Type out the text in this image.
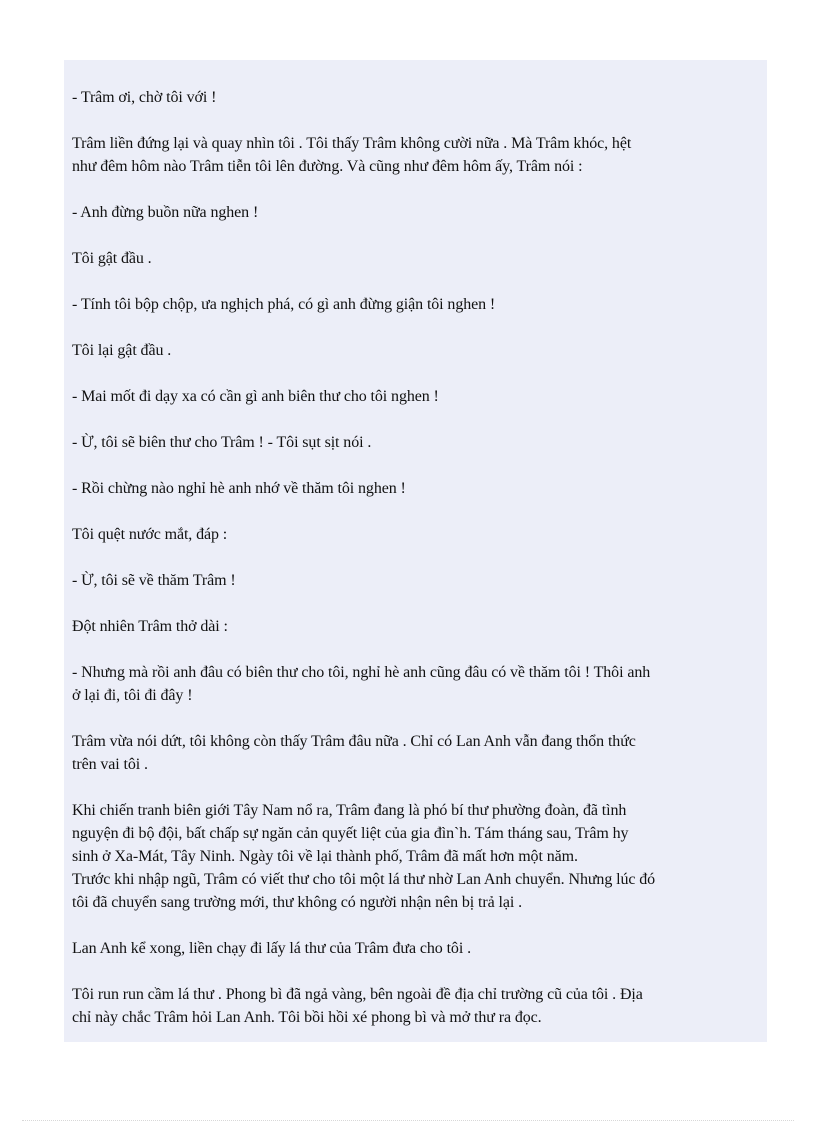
- Trâm ơi, chờ tôi với !

Trâm liền đứng lại và quay nhìn tôi . Tôi thấy Trâm không cười nữa . Mà Trâm khóc, hệt
như đêm hôm nào Trâm tiễn tôi lên đường. Và cũng như đêm hôm ấy, Trâm nói :

- Anh đừng buồn nữa nghen !

Tôi gật đầu .

- Tính tôi bộp chộp, ưa nghịch phá, có gì anh đừng giận tôi nghen !

Tôi lại gật đầu .

- Mai mốt đi dạy xa có cần gì anh biên thư cho tôi nghen !

- Ừ, tôi sẽ biên thư cho Trâm ! - Tôi sụt sịt nói .

- Rồi chừng nào nghỉ hè anh nhớ về thăm tôi nghen !

Tôi quệt nước mắt, đáp :

- Ừ, tôi sẽ về thăm Trâm !

Đột nhiên Trâm thở dài :

- Nhưng mà rồi anh đâu có biên thư cho tôi, nghỉ hè anh cũng đâu có về thăm tôi ! Thôi anh
ở lại đi, tôi đi đây !

Trâm vừa nói dứt, tôi không còn thấy Trâm đâu nữa . Chỉ có Lan Anh vẫn đang thổn thức
trên vai tôi .

Khi chiến tranh biên giới Tây Nam nổ ra, Trâm đang là phó bí thư phường đoàn, đã tình
nguyện đi bộ đội, bất chấp sự ngăn cản quyết liệt của gia đìn`h. Tám tháng sau, Trâm hy
sinh ở Xa-Mát, Tây Ninh. Ngày tôi về lại thành phố, Trâm đã mất hơn một năm.

Trước khi nhập ngũ, Trâm có viết thư cho tôi một lá thư nhờ Lan Anh chuyển. Nhưng lúc đó
tôi đã chuyển sang trường mới, thư không có người nhận nên bị trả lại .

Lan Anh kể xong, liền chạy đi lấy lá thư của Trâm đưa cho tôi .

Tôi run run cầm lá thư . Phong bì đã ngả vàng, bên ngoài đề địa chỉ trường cũ của tôi . Địa
chỉ này chắc Trâm hỏi Lan Anh. Tôi bồi hồi xé phong bì và mở thư ra đọc.
